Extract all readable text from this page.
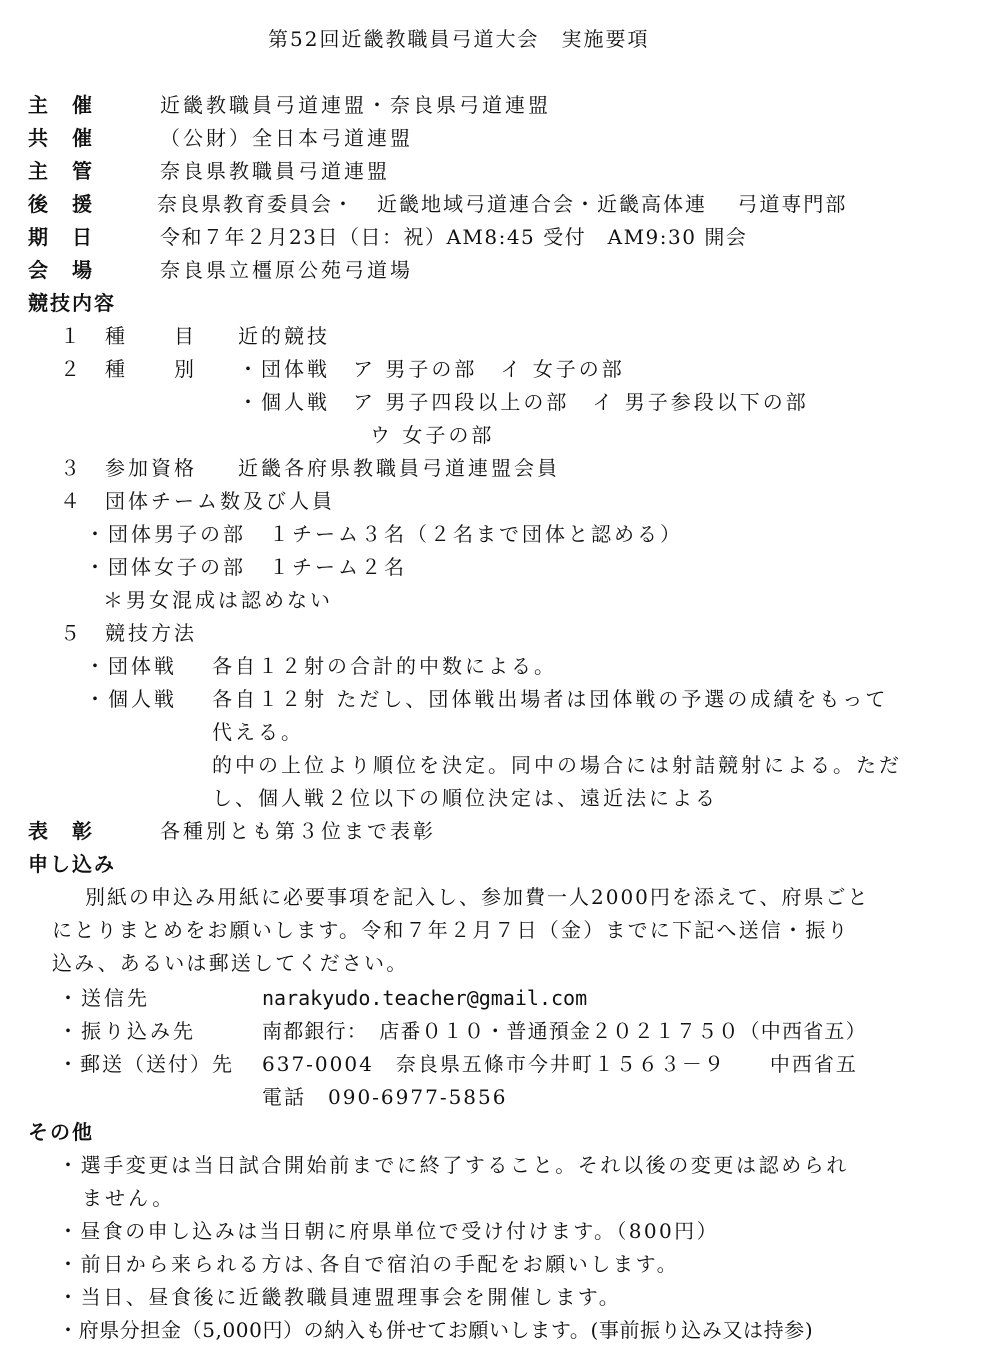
第52回近畿教職員弓道大会　実施要項
主　催	近畿教職員弓道連盟・奈良県弓道連盟
共　催	（公財）全日本弓道連盟
主　管	奈良県教職員弓道連盟
後　援	奈良県教育委員会・　近畿地域弓道連合会・近畿高体連　 弓道専門部
期　日	令和７年２月23日（日：祝）AM8:45 受付　AM9:30 開会
会　場	奈良県立橿原公苑弓道場
競技内容
１ 種　　目 近的競技
２ 種　　別 ・団体戦　ア 男子の部　イ 女子の部
・個人戦　ア 男子四段以上の部　イ 男子参段以下の部
ウ 女子の部
３ 参加資格 近畿各府県教職員弓道連盟会員
４ 団体チーム数及び人員
・団体男子の部　１チーム３名（２名まで団体と認める）
・団体女子の部　１チーム２名
＊男女混成は認めない
５ 競技方法
・団体戦 各自１２射の合計的中数による。
・個人戦 各自１２射 ただし、団体戦出場者は団体戦の予選の成績をもって
代える。
的中の上位より順位を決定。同中の場合には射詰競射による。ただ
し、個人戦２位以下の順位決定は、遠近法による
表　彰	各種別とも第３位まで表彰
申し込み
別紙の申込み用紙に必要事項を記入し、参加費一人2000円を添えて、府県ごと
にとりまとめをお願いします。令和７年２月７日（金）までに下記へ送信・振り
込み、あるいは郵送してください。
・送信先	narakyudo.teacher@gmail.com
・振り込み先	南都銀行：　店番０１０・普通預金２０２１７５０（中西省五）
・郵送（送付）先 637-0004　奈良県五條市今井町１５６３－９　　中西省五
電話　090-6977-5856
その他
・選手変更は当日試合開始前までに終了すること。それ以後の変更は認められ
ません。
・昼食の申し込みは当日朝に府県単位で受け付けます。（800円）
・前日から来られる方は､各自で宿泊の手配をお願いします。
・当日、昼食後に近畿教職員連盟理事会を開催します。
・府県分担金（5,000円）の納入も併せてお願いします。(事前振り込み又は持参)
